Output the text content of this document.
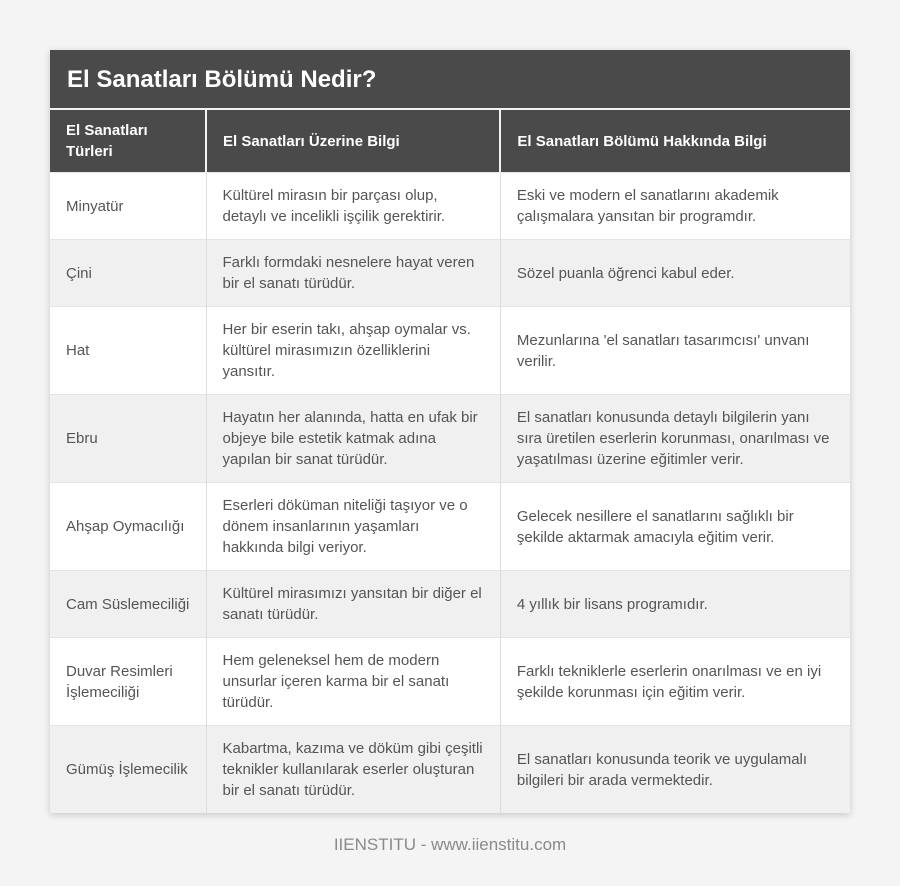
El Sanatları Bölümü Nedir?
El Sanatları Türleri	El Sanatları Üzerine Bilgi	El Sanatları Bölümü Hakkında Bilgi
Minyatür	Kültürel mirasın bir parçası olup, detaylı ve incelikli işçilik gerektirir.	Eski ve modern el sanatlarını akademik çalışmalara yansıtan bir programdır.
Çini	Farklı formdaki nesnelere hayat veren bir el sanatı türüdür.	Sözel puanla öğrenci kabul eder.
Hat	Her bir eserin takı, ahşap oymalar vs. kültürel mirasımızın özelliklerini yansıtır.	Mezunlarına 'el sanatları tasarımcısı' unvanı verilir.
Ebru	Hayatın her alanında, hatta en ufak bir objeye bile estetik katmak adına yapılan bir sanat türüdür.	El sanatları konusunda detaylı bilgilerin yanı sıra üretilen eserlerin korunması, onarılması ve yaşatılması üzerine eğitimler verir.
Ahşap Oymacılığı	Eserleri döküman niteliği taşıyor ve o dönem insanlarının yaşamları hakkında bilgi veriyor.	Gelecek nesillere el sanatlarını sağlıklı bir şekilde aktarmak amacıyla eğitim verir.
Cam Süslemeciliği	Kültürel mirasımızı yansıtan bir diğer el sanatı türüdür.	4 yıllık bir lisans programıdır.
Duvar Resimleri İşlemeciliği	Hem geleneksel hem de modern unsurlar içeren karma bir el sanatı türüdür.	Farklı tekniklerle eserlerin onarılması ve en iyi şekilde korunması için eğitim verir.
Gümüş İşlemecilik	Kabartma, kazıma ve döküm gibi çeşitli teknikler kullanılarak eserler oluşturan bir el sanatı türüdür.	El sanatları konusunda teorik ve uygulamalı bilgileri bir arada vermektedir.
IIENSTITU - www.iienstitu.com
